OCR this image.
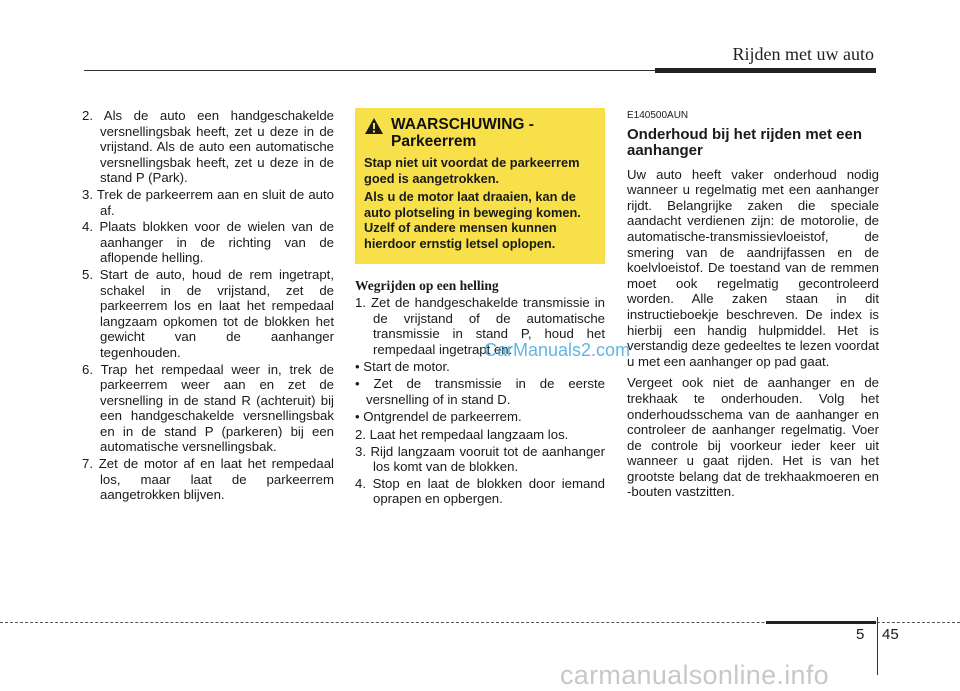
Rijden met uw auto
2. Als de auto een handgeschakelde versnellingsbak heeft, zet u deze in de vrijstand. Als de auto een automatische versnellingsbak heeft, zet u deze in de stand P (Park).
3. Trek de parkeerrem aan en sluit de auto af.
4. Plaats blokken voor de wielen van de aanhanger in de richting van de aflopende helling.
5. Start de auto, houd de rem ingetrapt, schakel in de vrijstand, zet de parkeerrem los en laat het rempedaal langzaam opkomen tot de blokken het gewicht van de aanhanger tegenhouden.
6. Trap het rempedaal weer in, trek de parkeerrem weer aan en zet de versnelling in de stand R (achteruit) bij een handgeschakelde versnellingsbak en in de stand P (parkeren) bij een automatische versnellingsbak.
7. Zet de motor af en laat het rempedaal los, maar laat de parkeerrem aangetrokken blijven.
WAARSCHUWING -
Parkeerrem
Stap niet uit voordat de parkeerrem goed is aangetrokken.
Als u de motor laat draaien, kan de auto plotseling in beweging komen. Uzelf of andere mensen kunnen hierdoor ernstig letsel oplopen.
Wegrijden op een helling
1. Zet de handgeschakelde transmissie in de vrijstand of de automatische transmissie in stand P, houd het rempedaal ingetrapt en:
• Start de motor.
• Zet de transmissie in de eerste versnelling of in stand D.
• Ontgrendel de parkeerrem.
2. Laat het rempedaal langzaam los.
3. Rijd langzaam vooruit tot de aanhanger los komt van de blokken.
4. Stop en laat de blokken door iemand oprapen en opbergen.
E140500AUN
Onderhoud bij het rijden met een aanhanger
Uw auto heeft vaker onderhoud nodig wanneer u regelmatig met een aanhanger rijdt. Belangrijke zaken die speciale aandacht verdienen zijn: de motorolie, de automatische-transmissievloeistof, de smering van de aandrijfassen en de koelvloeistof. De toestand van de remmen moet ook regelmatig gecontroleerd worden. Alle zaken staan in dit instructieboekje beschreven. De index is hierbij een handig hulpmiddel. Het is verstandig deze gedeeltes te lezen voordat u met een aanhanger op pad gaat.
Vergeet ook niet de aanhanger en de trekhaak te onderhouden. Volg het onderhoudsschema van de aanhanger en controleer de aanhanger regelmatig. Voer de controle bij voorkeur ieder keer uit wanneer u gaat rijden. Het is van het grootste belang dat de trekhaakmoeren en -bouten vastzitten.
CarManuals2.com
5 45
carmanualsonline.info
